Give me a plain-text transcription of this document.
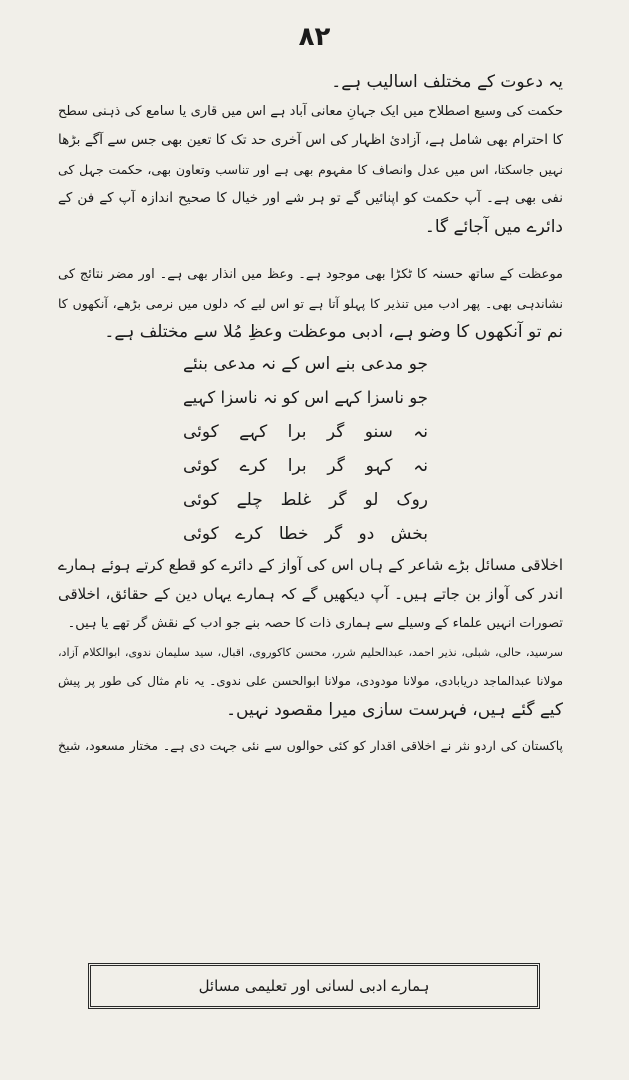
۸۲
یہ دعوت کے مختلف اسالیب ہے۔
حکمت کی وسیع اصطلاح میں ایک جہانِ معانی آباد ہے اس میں قاری یا سامع کی ذہنی سطح
کا احترام بھی شامل ہے، آزادیٔ اظہار کی اس آخری حد تک کا تعین بھی جس سے آگے بڑھا
نہیں جاسکتا، اس میں عدل وانصاف کا مفہوم بھی ہے اور تناسب وتعاون بھی، حکمت جہل کی
نفی بھی ہے۔ آپ حکمت کو اپنائیں گے تو ہر شے اور خیال کا صحیح اندازہ آپ کے فن کے
دائرے میں آجائے گا۔
موعظت کے ساتھ حسنہ کا ٹکڑا بھی موجود ہے۔ وعظ میں انذار بھی ہے۔ اور مضر نتائج کی
نشاندہی بھی۔ پھر ادب میں تنذیر کا پہلو آتا ہے تو اس لیے کہ دلوں میں نرمی بڑھے، آنکھوں کا
نم تو آنکھوں کا وضو ہے، ادبی موعظت وعظِ مُلا سے مختلف ہے۔
جو مدعی بنے اس کے نہ مدعی بنئے
جو ناسزا کہے اس کو نہ ناسزا کہیے
نہ سنو گر برا کہے کوئی
نہ کہو گر برا کرے کوئی
روک لو گر غلط چلے کوئی
بخش دو گر خطا کرے کوئی
اخلاقی مسائل بڑے شاعر کے ہاں اس کی آواز کے دائرے کو قطع کرتے ہوئے ہمارے
اندر کی آواز بن جاتے ہیں۔ آپ دیکھیں گے کہ ہمارے یہاں دین کے حقائق، اخلاقی
تصورات انہیں علماء کے وسیلے سے ہماری ذات کا حصہ بنے جو ادب کے نقش گر تھے یا ہیں۔
سرسید، حالی، شبلی، نذیر احمد، عبدالحلیم شرر، محسن کاکوروی، اقبال، سید سلیمان ندوی، ابوالکلام آزاد،
مولانا عبدالماجد دریابادی، مولانا مودودی، مولانا ابوالحسن علی ندوی۔ یہ نام مثال کی طور پر پیش
کیے گئے ہیں، فہرست سازی میرا مقصود نہیں۔
پاکستان کی اردو نثر نے اخلاقی اقدار کو کئی حوالوں سے نئی جہت دی ہے۔ مختار مسعود، شیخ
ہمارے ادبی لسانی اور تعلیمی مسائل
